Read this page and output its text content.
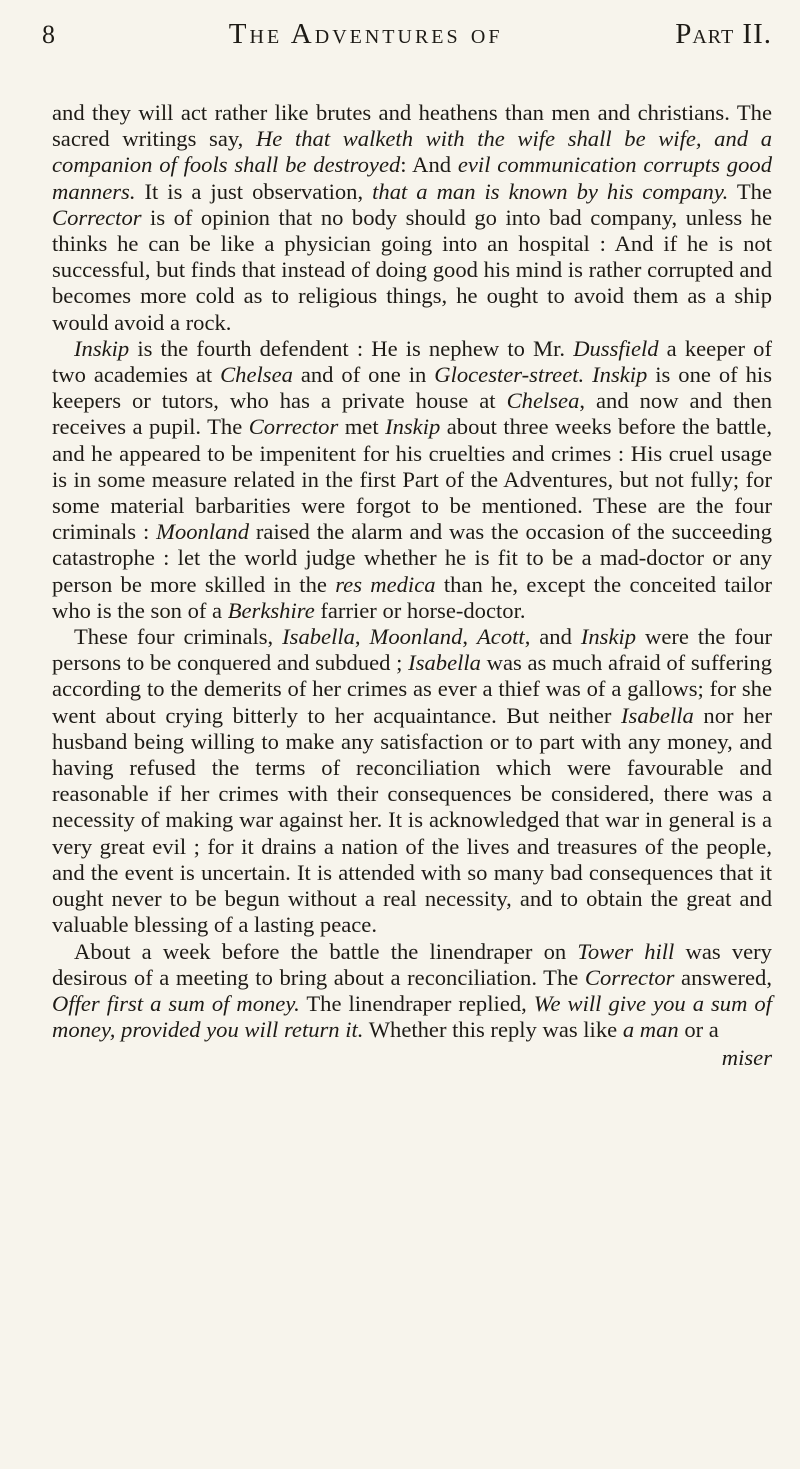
8	The Adventures of	Part II.

and they will act rather like brutes and heathens than men and christians. The sacred writings say, He that walketh with the wife shall be wife, and a companion of fools shall be destroyed: And evil communication corrupts good manners. It is a just observation, that a man is known by his company. The Corrector is of opinion that no body should go into bad company, unless he thinks he can be like a physician going into an hospital : And if he is not successful, but finds that instead of doing good his mind is rather corrupted and becomes more cold as to religious things, he ought to avoid them as a ship would avoid a rock.

Inskip is the fourth defendent : He is nephew to Mr. Dussfield a keeper of two academies at Chelsea and of one in Glocester-street. Inskip is one of his keepers or tutors, who has a private house at Chelsea, and now and then receives a pupil. The Corrector met Inskip about three weeks before the battle, and he appeared to be impenitent for his cruelties and crimes : His cruel usage is in some measure related in the first Part of the Adventures, but not fully; for some material barbarities were forgot to be mentioned. These are the four criminals : Moonland raised the alarm and was the occasion of the succeeding catastrophe : let the world judge whether he is fit to be a mad-doctor or any person be more skilled in the res medica than he, except the conceited tailor who is the son of a Berkshire farrier or horse-doctor.

These four criminals, Isabella, Moonland, Acott, and Inskip were the four persons to be conquered and subdued ; Isabella was as much afraid of suffering according to the demerits of her crimes as ever a thief was of a gallows; for she went about crying bitterly to her acquaintance. But neither Isabella nor her husband being willing to make any satisfaction or to part with any money, and having refused the terms of reconciliation which were favourable and reasonable if her crimes with their consequences be considered, there was a necessity of making war against her. It is acknowledged that war in general is a very great evil ; for it drains a nation of the lives and treasures of the people, and the event is uncertain. It is attended with so many bad consequences that it ought never to be begun without a real necessity, and to obtain the great and valuable blessing of a lasting peace.

About a week before the battle the linendraper on Tower hill was very desirous of a meeting to bring about a reconciliation. The Corrector answered, Offer first a sum of money. The linendraper replied, We will give you a sum of money, provided you will return it. Whether this reply was like a man or a

miser
